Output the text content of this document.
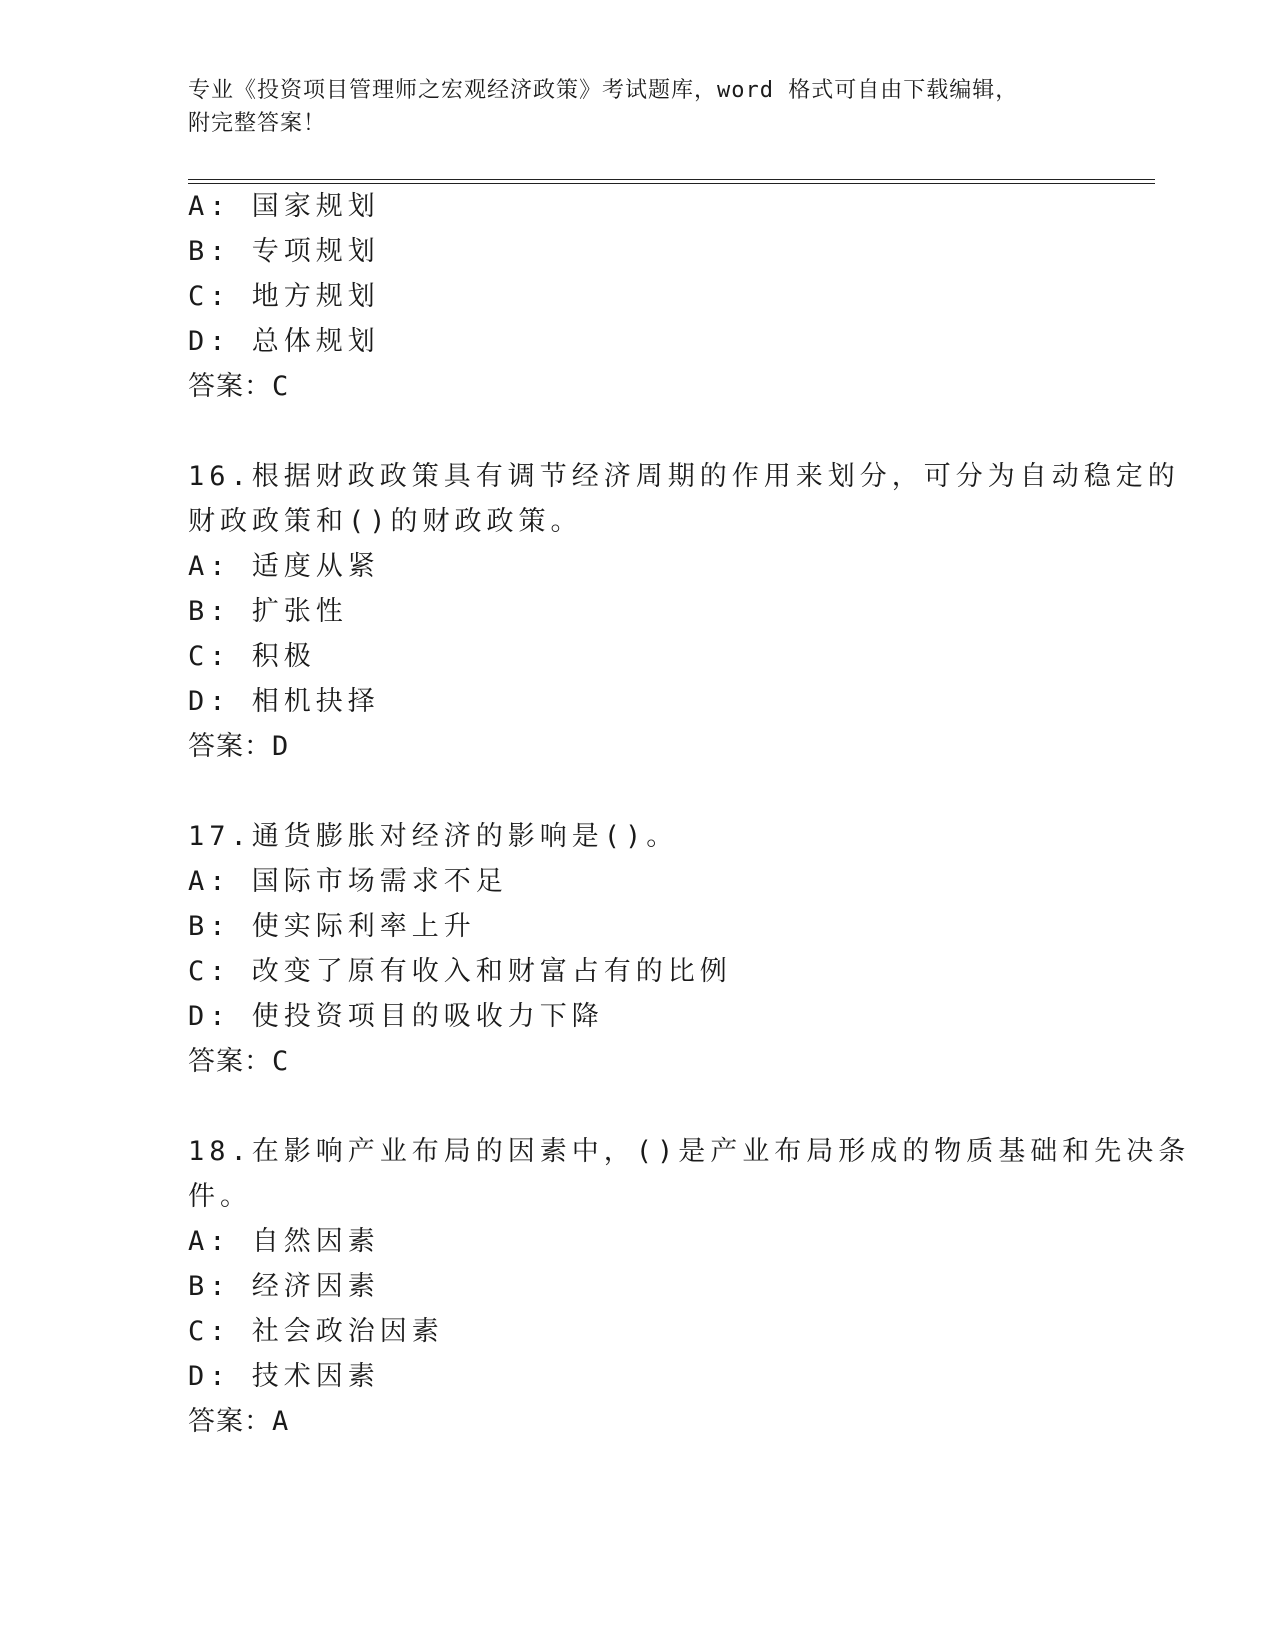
专业《投资项目管理师之宏观经济政策》考试题库，word 格式可自由下载编辑，
附完整答案！
A: 国家规划
B: 专项规划
C: 地方规划
D: 总体规划
答案：C
16.根据财政政策具有调节经济周期的作用来划分，可分为自动稳定的
财政政策和()的财政政策。
A: 适度从紧
B: 扩张性
C: 积极
D: 相机抉择
答案：D
17.通货膨胀对经济的影响是()。
A: 国际市场需求不足
B: 使实际利率上升
C: 改变了原有收入和财富占有的比例
D: 使投资项目的吸收力下降
答案：C
18.在影响产业布局的因素中，()是产业布局形成的物质基础和先决条
件。
A: 自然因素
B: 经济因素
C: 社会政治因素
D: 技术因素
答案：A
